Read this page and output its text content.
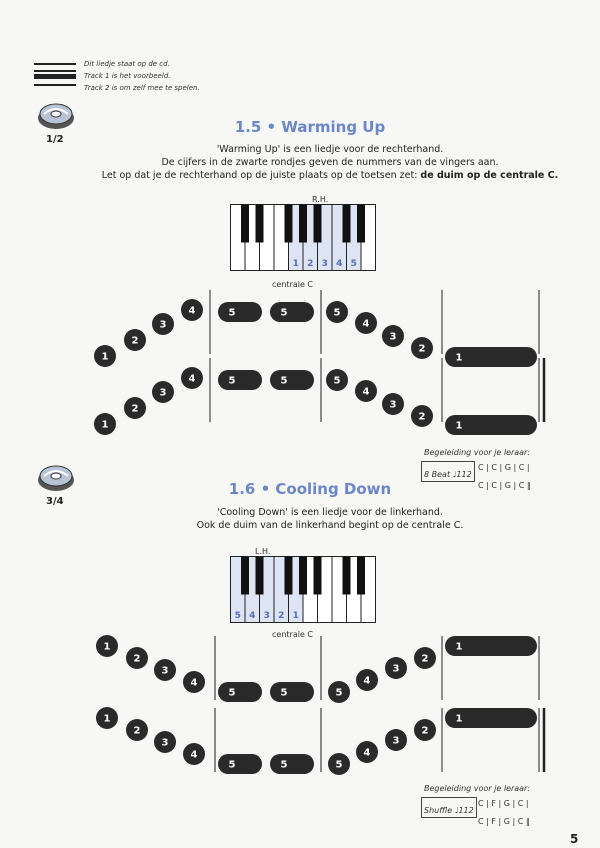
Dit liedje staat op de cd.
Track 1 is het voorbeeld.
Track 2 is om zelf mee te spelen.
1/2
1.5 • Warming Up
'Warming Up' is een liedje voor de rechterhand.
De cijfers in de zwarte rondjes geven de nummers van de vingers aan.
Let op dat je de rechterhand op de juiste plaats op de toetsen zet: de duim op de centrale C.
R.H.
1 2 3 4 5
centrale C
1
2
3
4	5	5	5
4
3
2
1
1
2
3
4	5	5	5
4
3
2
1
Begeleiding voor je leraar:
8 Beat ♩112
C | C | G | C |
C | C | G | C ‖
3/4
1.6 • Cooling Down
'Cooling Down' is een liedje voor de linkerhand.
Ook de duim van de linkerhand begint op de centrale C.
L.H.
5 4 3 2 1
centrale C
1
2
3
4
5	5	5
4
3
2
1
1
2
3
4
5	5	5
4
3
2
1
Begeleiding voor je leraar:
Shuffle ♩112
C | F | G | C |
C | F | G | C ‖
5
